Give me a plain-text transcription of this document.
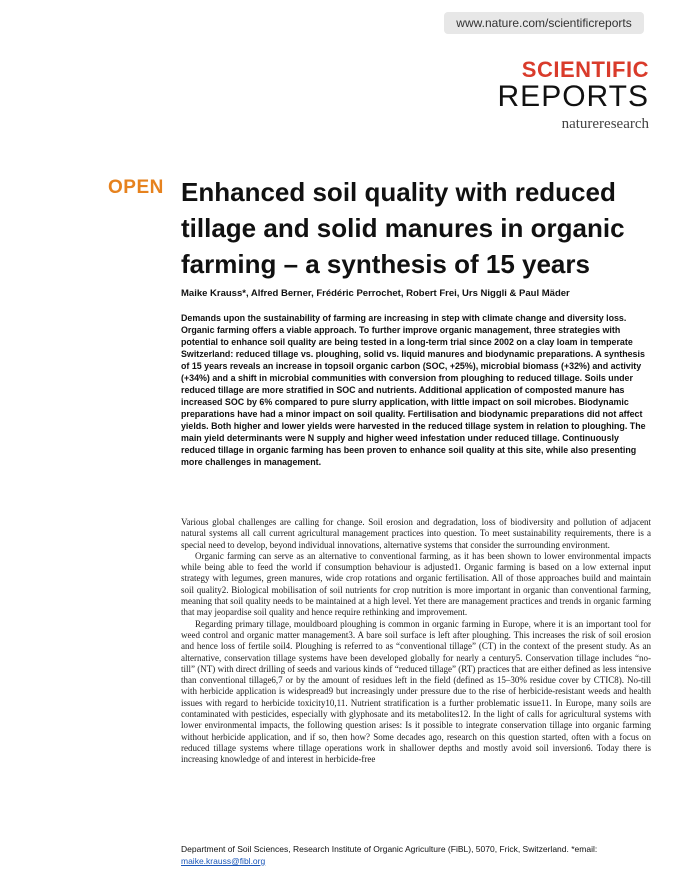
www.nature.com/scientificreports
SCIENTIFIC
REPORTS
natureresearch
OPEN Enhanced soil quality with reduced tillage and solid manures in organic farming – a synthesis of 15 years
Maike Krauss*, Alfred Berner, Frédéric Perrochet, Robert Frei, Urs Niggli & Paul Mäder

Demands upon the sustainability of farming are increasing in step with climate change and diversity loss. Organic farming offers a viable approach. To further improve organic management, three strategies with potential to enhance soil quality are being tested in a long-term trial since 2002 on a clay loam in temperate Switzerland: reduced tillage vs. ploughing, solid vs. liquid manures and biodynamic preparations. A synthesis of 15 years reveals an increase in topsoil organic carbon (SOC, +25%), microbial biomass (+32%) and activity (+34%) and a shift in microbial communities with conversion from ploughing to reduced tillage. Soils under reduced tillage are more stratified in SOC and nutrients. Additional application of composted manure has increased SOC by 6% compared to pure slurry application, with little impact on soil microbes. Biodynamic preparations have had a minor impact on soil quality. Fertilisation and biodynamic preparations did not affect yields. Both higher and lower yields were harvested in the reduced tillage system in relation to ploughing. The main yield determinants were N supply and higher weed infestation under reduced tillage. Continuously reduced tillage in organic farming has been proven to enhance soil quality at this site, while also presenting more challenges in management.

Various global challenges are calling for change. Soil erosion and degradation, loss of biodiversity and pollution of adjacent natural systems all call current agricultural management practices into question. To meet sustainability requirements, there is a special need to develop, beyond individual innovations, alternative systems that consider the surrounding environment.

Organic farming can serve as an alternative to conventional farming, as it has been shown to lower environmental impacts while being able to feed the world if consumption behaviour is adjusted1. Organic farming is based on a low external input strategy with legumes, green manures, wide crop rotations and organic fertilisation. All of those approaches build and maintain soil quality2. Biological mobilisation of soil nutrients for crop nutrition is more important in organic than conventional farming, meaning that soil quality needs to be maintained at a high level. Yet there are management practices and trends in organic farming that may jeopardise soil quality and hence require rethinking and improvement.

Regarding primary tillage, mouldboard ploughing is common in organic farming in Europe, where it is an important tool for weed control and organic matter management3. A bare soil surface is left after ploughing. This increases the risk of soil erosion and hence loss of fertile soil4. Ploughing is referred to as “conventional tillage” (CT) in the context of the present study. As an alternative, conservation tillage systems have been developed globally for nearly a century5. Conservation tillage includes “no-till” (NT) with direct drilling of seeds and various kinds of “reduced tillage” (RT) practices that are either defined as less intensive than conventional tillage6,7 or by the amount of residues left in the field (defined as 15–30% residue cover by CTIC8). No-till with herbicide application is widespread9 but increasingly under pressure due to the rise of herbicide-resistant weeds and health issues with regard to herbicide toxicity10,11. Nutrient stratification is a further problematic issue11. In Europe, many soils are contaminated with pesticides, especially with glyphosate and its metabolites12. In the light of calls for agricultural systems with lower environmental impacts, the following question arises: Is it possible to integrate conservation tillage into organic farming without herbicide application, and if so, then how? Some decades ago, research on this question started, often with a focus on reduced tillage systems where tillage operations work in shallower depths and mostly avoid soil inversion6. Today there is increasing knowledge of and interest in herbicide-free

Department of Soil Sciences, Research Institute of Organic Agriculture (FiBL), 5070, Frick, Switzerland. *email:
maike.krauss@fibl.org
